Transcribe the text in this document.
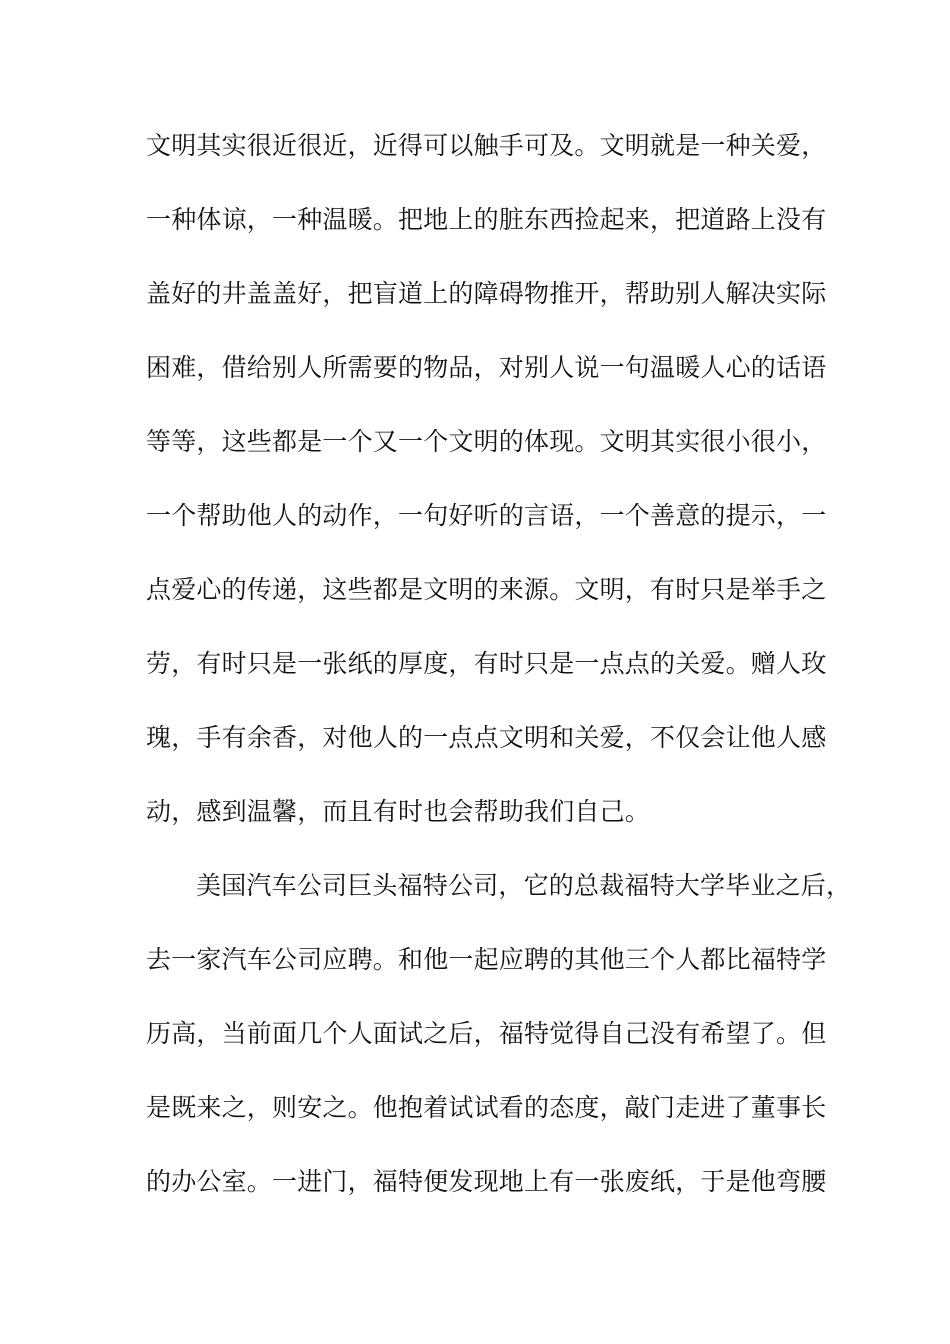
文明其实很近很近，近得可以触手可及。文明就是一种关爱，
一种体谅，一种温暖。把地上的脏东西捡起来，把道路上没有
盖好的井盖盖好，把盲道上的障碍物推开，帮助别人解决实际
困难，借给别人所需要的物品，对别人说一句温暖人心的话语
等等，这些都是一个又一个文明的体现。文明其实很小很小，
一个帮助他人的动作，一句好听的言语，一个善意的提示，一
点爱心的传递，这些都是文明的来源。文明，有时只是举手之
劳，有时只是一张纸的厚度，有时只是一点点的关爱。赠人玫
瑰，手有余香，对他人的一点点文明和关爱，不仅会让他人感
动，感到温馨，而且有时也会帮助我们自己。
美国汽车公司巨头福特公司，它的总裁福特大学毕业之后，
去一家汽车公司应聘。和他一起应聘的其他三个人都比福特学
历高，当前面几个人面试之后，福特觉得自己没有希望了。但
是既来之，则安之。他抱着试试看的态度，敲门走进了董事长
的办公室。一进门，福特便发现地上有一张废纸，于是他弯腰
